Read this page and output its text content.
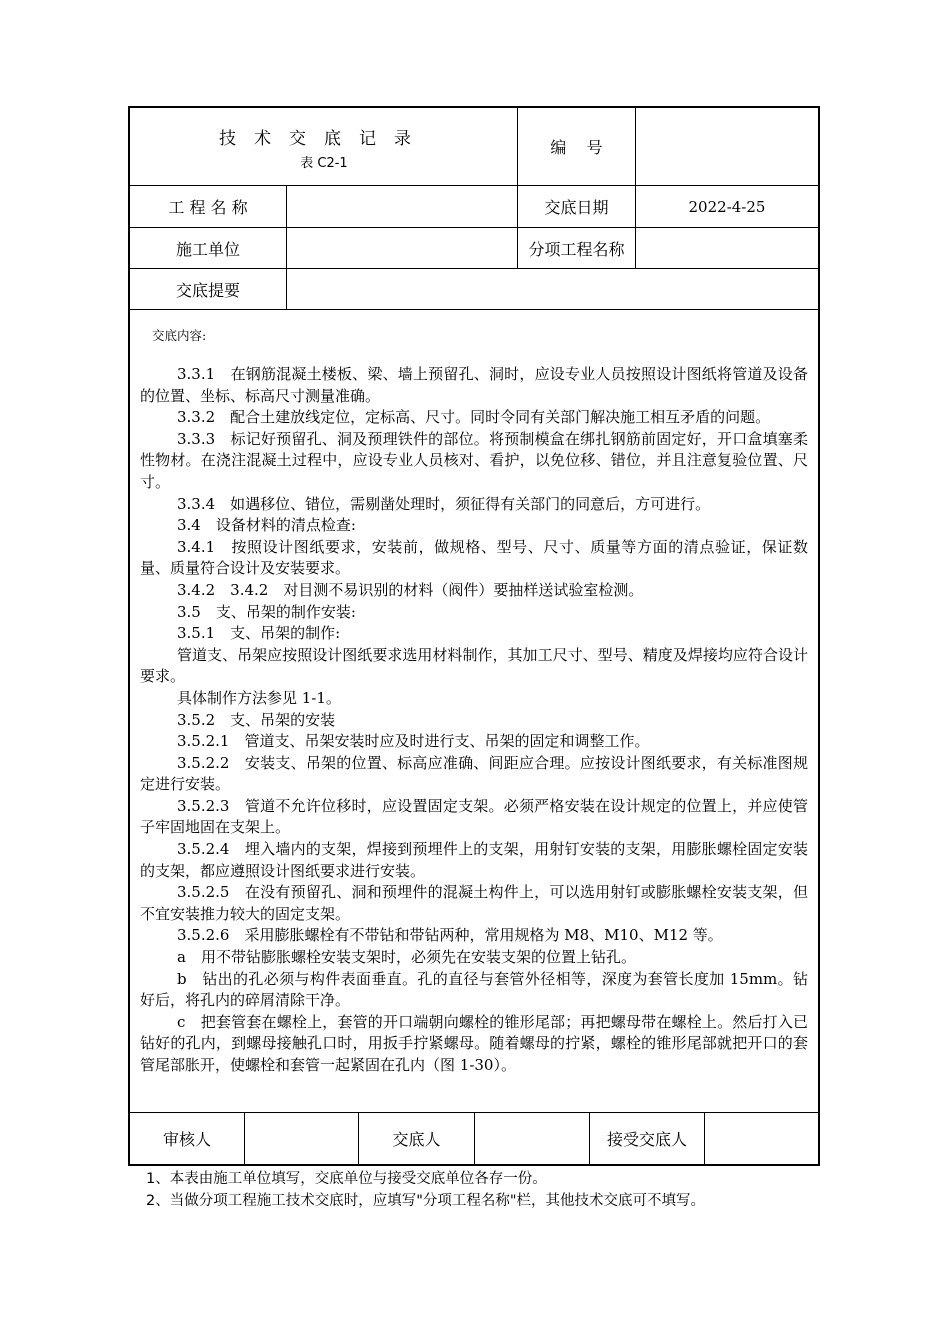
技术交底记录
表 C2-1
编    号
工 程 名 称	交底日期	2022-4-25
施工单位	分项工程名称
交底提要
交底内容:

3.3.1　在钢筋混凝土楼板、梁、墙上预留孔、洞时，应设专业人员按照设计图纸将管道及设备的位置、坐标、标高尺寸测量准确。

3.3.2　配合土建放线定位，定标高、尺寸。同时令同有关部门解决施工相互矛盾的问题。

3.3.3　标记好预留孔、洞及预理铁件的部位。将预制模盒在绑扎钢筋前固定好，开口盒填塞柔性物材。在浇注混凝土过程中，应设专业人员核对、看护，以免位移、错位，并且注意复验位置、尺寸。

3.3.4　如遇移位、错位，需剔凿处理时，须征得有关部门的同意后，方可进行。

3.4　设备材料的清点检查:

3.4.1　按照设计图纸要求，安装前，做规格、型号、尺寸、质量等方面的清点验证，保证数量、质量符合设计及安装要求。

3.4.2　3.4.2　对目测不易识别的材料（阀件）要抽样送试验室检测。

3.5　支、吊架的制作安装:

3.5.1　支、吊架的制作:

管道支、吊架应按照设计图纸要求选用材料制作，其加工尺寸、型号、精度及焊接均应符合设计要求。

具体制作方法参见 1-1。

3.5.2　支、吊架的安装

3.5.2.1　管道支、吊架安装时应及时进行支、吊架的固定和调整工作。

3.5.2.2　安装支、吊架的位置、标高应准确、间距应合理。应按设计图纸要求，有关标准图规定进行安装。

3.5.2.3　管道不允许位移时，应设置固定支架。必须严格安装在设计规定的位置上，并应使管子牢固地固在支架上。

3.5.2.4　埋入墙内的支架，焊接到预埋件上的支架，用射钉安装的支架，用膨胀螺栓固定安装的支架，都应遵照设计图纸要求进行安装。

3.5.2.5　在没有预留孔、洞和预埋件的混凝土构件上，可以选用射钉或膨胀螺栓安装支架，但不宜安装推力较大的固定支架。

3.5.2.6　采用膨胀螺栓有不带钻和带钻两种，常用规格为 M8、M10、M12 等。

a　用不带钻膨胀螺栓安装支架时，必须先在安装支架的位置上钻孔。

b　钻出的孔必须与构件表面垂直。孔的直径与套管外径相等，深度为套管长度加 15mm。钻好后，将孔内的碎屑清除干净。

c　把套管套在螺栓上，套管的开口端朝向螺栓的锥形尾部；再把螺母带在螺栓上。然后打入已钻好的孔内，到螺母接触孔口时，用扳手拧紧螺母。随着螺母的拧紧，螺栓的锥形尾部就把开口的套管尾部胀开，使螺栓和套管一起紧固在孔内（图 1-30）。

审核人	交底人	接受交底人
1、本表由施工单位填写，交底单位与接受交底单位各存一份。
2、当做分项工程施工技术交底时，应填写"分项工程名称"栏，其他技术交底可不填写。
